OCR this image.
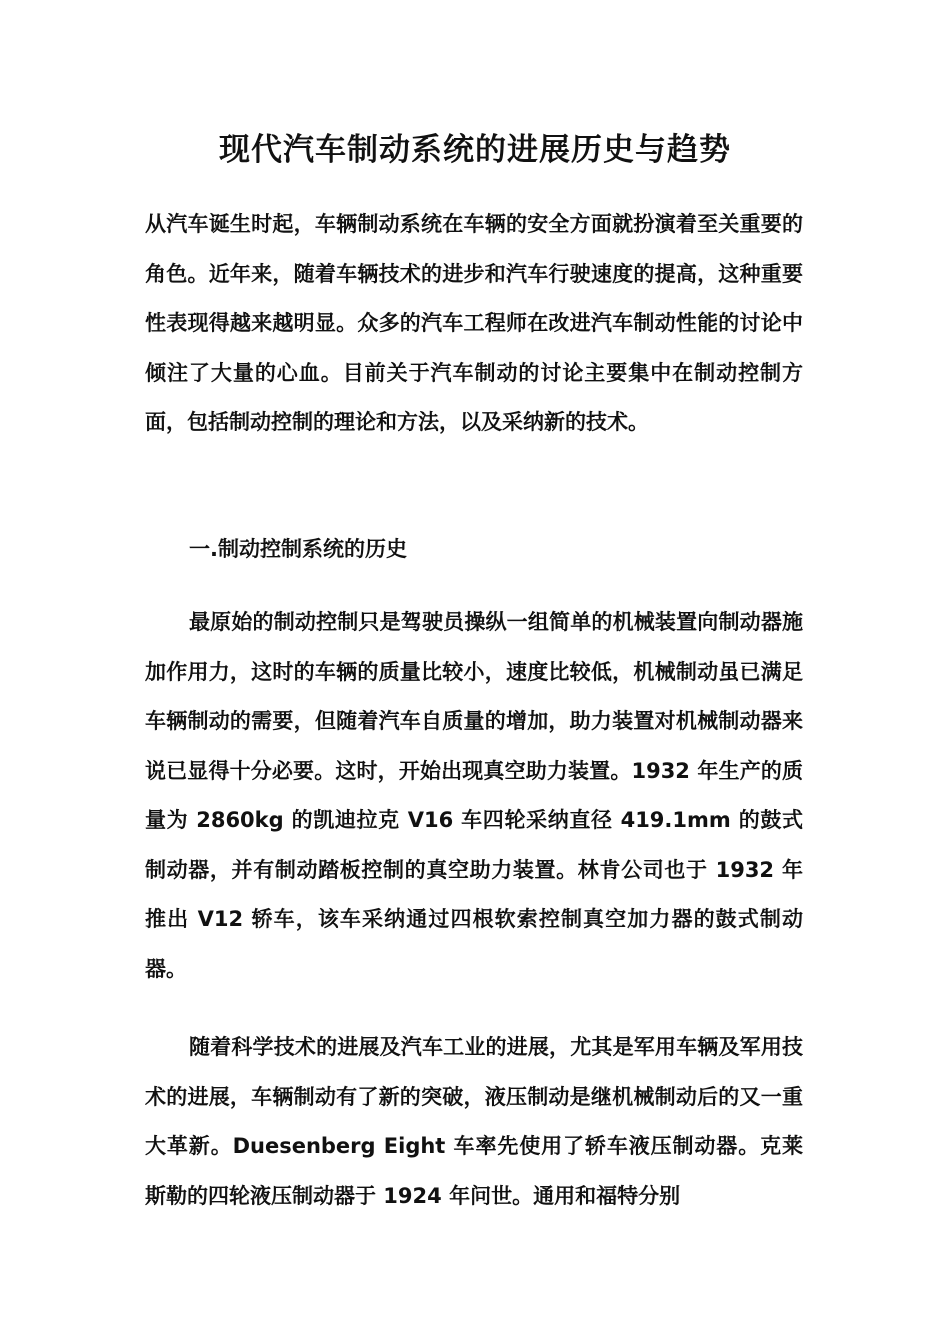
现代汽车制动系统的进展历史与趋势

从汽车诞生时起，车辆制动系统在车辆的安全方面就扮演着至关重要的角色。近年来，随着车辆技术的进步和汽车行驶速度的提高，这种重要性表现得越来越明显。众多的汽车工程师在改进汽车制动性能的讨论中倾注了大量的心血。目前关于汽车制动的讨论主要集中在制动控制方面，包括制动控制的理论和方法，以及采纳新的技术。

一.制动控制系统的历史

最原始的制动控制只是驾驶员操纵一组简单的机械装置向制动器施加作用力，这时的车辆的质量比较小，速度比较低，机械制动虽已满足车辆制动的需要，但随着汽车自质量的增加，助力装置对机械制动器来说已显得十分必要。这时，开始出现真空助力装置。1932 年生产的质量为 2860kg 的凯迪拉克 V16 车四轮采纳直径 419.1mm 的鼓式制动器，并有制动踏板控制的真空助力装置。林肯公司也于 1932 年推出 V12 轿车，该车采纳通过四根软索控制真空加力器的鼓式制动器。

随着科学技术的进展及汽车工业的进展，尤其是军用车辆及军用技术的进展，车辆制动有了新的突破，液压制动是继机械制动后的又一重大革新。Duesenberg Eight 车率先使用了轿车液压制动器。克莱斯勒的四轮液压制动器于 1924 年问世。通用和福特分别
